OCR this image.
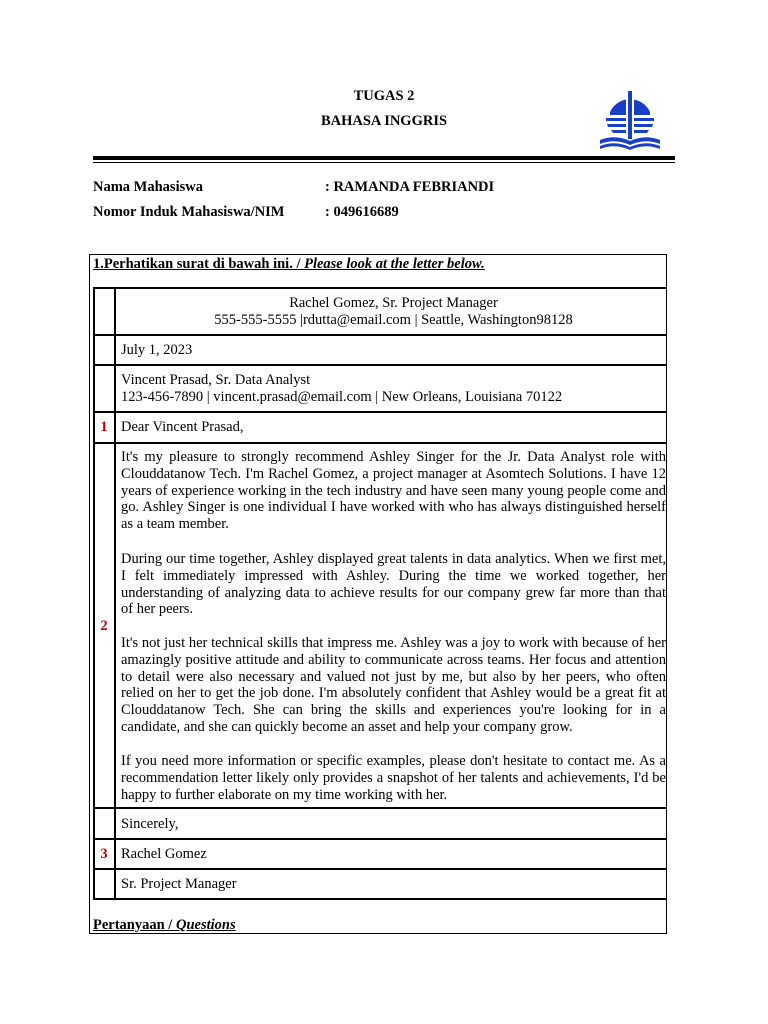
TUGAS 2
BAHASA INGGRIS
Nama Mahasiswa	: RAMANDA FEBRIANDI
Nomor Induk Mahasiswa/NIM	: 049616689
1.Perhatikan surat di bawah ini. / Please look at the letter below.
Rachel Gomez, Sr. Project Manager
555-555-5555 |rdutta@email.com | Seattle, Washington98128
July 1, 2023
Vincent Prasad, Sr. Data Analyst
123-456-7890 | vincent.prasad@email.com | New Orleans, Louisiana 70122
1 Dear Vincent Prasad,
2
It's my pleasure to strongly recommend Ashley Singer for the Jr. Data Analyst role with Clouddatanow Tech. I'm Rachel Gomez, a project manager at Asomtech Solutions. I have 12 years of experience working in the tech industry and have seen many young people come and go. Ashley Singer is one individual I have worked with who has always distinguished herself as a team member.
During our time together, Ashley displayed great talents in data analytics. When we first met, I felt immediately impressed with Ashley. During the time we worked together, her understanding of analyzing data to achieve results for our company grew far more than that of her peers.
It's not just her technical skills that impress me. Ashley was a joy to work with because of her amazingly positive attitude and ability to communicate across teams. Her focus and attention to detail were also necessary and valued not just by me, but also by her peers, who often relied on her to get the job done. I'm absolutely confident that Ashley would be a great fit at Clouddatanow Tech. She can bring the skills and experiences you're looking for in a candidate, and she can quickly become an asset and help your company grow.
If you need more information or specific examples, please don't hesitate to contact me. As a recommendation letter likely only provides a snapshot of her talents and achievements, I'd be happy to further elaborate on my time working with her.
Sincerely,
3 Rachel Gomez
Sr. Project Manager
Pertanyaan / Questions
